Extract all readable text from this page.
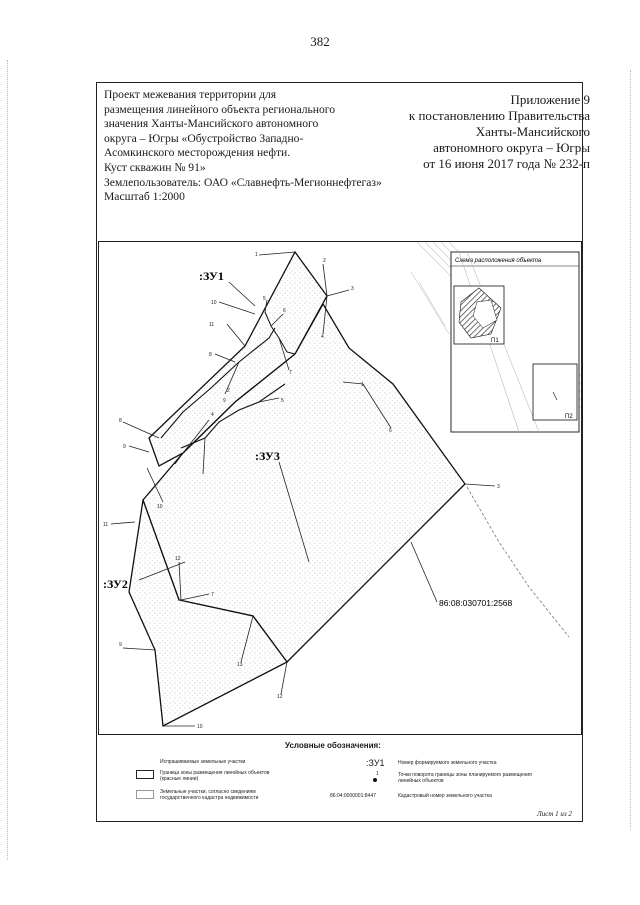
382
Проект межевания территории для
размещения линейного объекта регионального
значения Ханты-Мансийского автономного
округа – Югры «Обустройство Западно-
Асомкинского месторождения нефти.
Куст скважин № 91»
Землепользователь: ОАО «Славнефть-Мегионнефтегаз»
Масштаб 1:2000
Приложение 9
к постановлению Правительства
Ханты-Мансийского
автономного округа – Югры
от 16 июня 2017 года № 232-п
1
2
3
4
5
6
7
8
9
10
11
1
2
3
4
5
6
7
8
9
10
11
12
13
12
10
9
:ЗУ1
:ЗУ3
:ЗУ2
86:08:030701:2568
Схема расположения объекта
П1
П2
Условные обозначения:
Испрашиваемые земельные участки
Граница зоны размещения линейных объектов (красные линии)
Земельные участки, согласно сведениям государственного кадастра недвижимости
:ЗУ1	Номер формируемого земельного участка
1	Точки поворота границы зоны планируемого размещения линейных объектов
86:04:0000001:8447	Кадастровый номер земельного участка
Лист 1 из 2
